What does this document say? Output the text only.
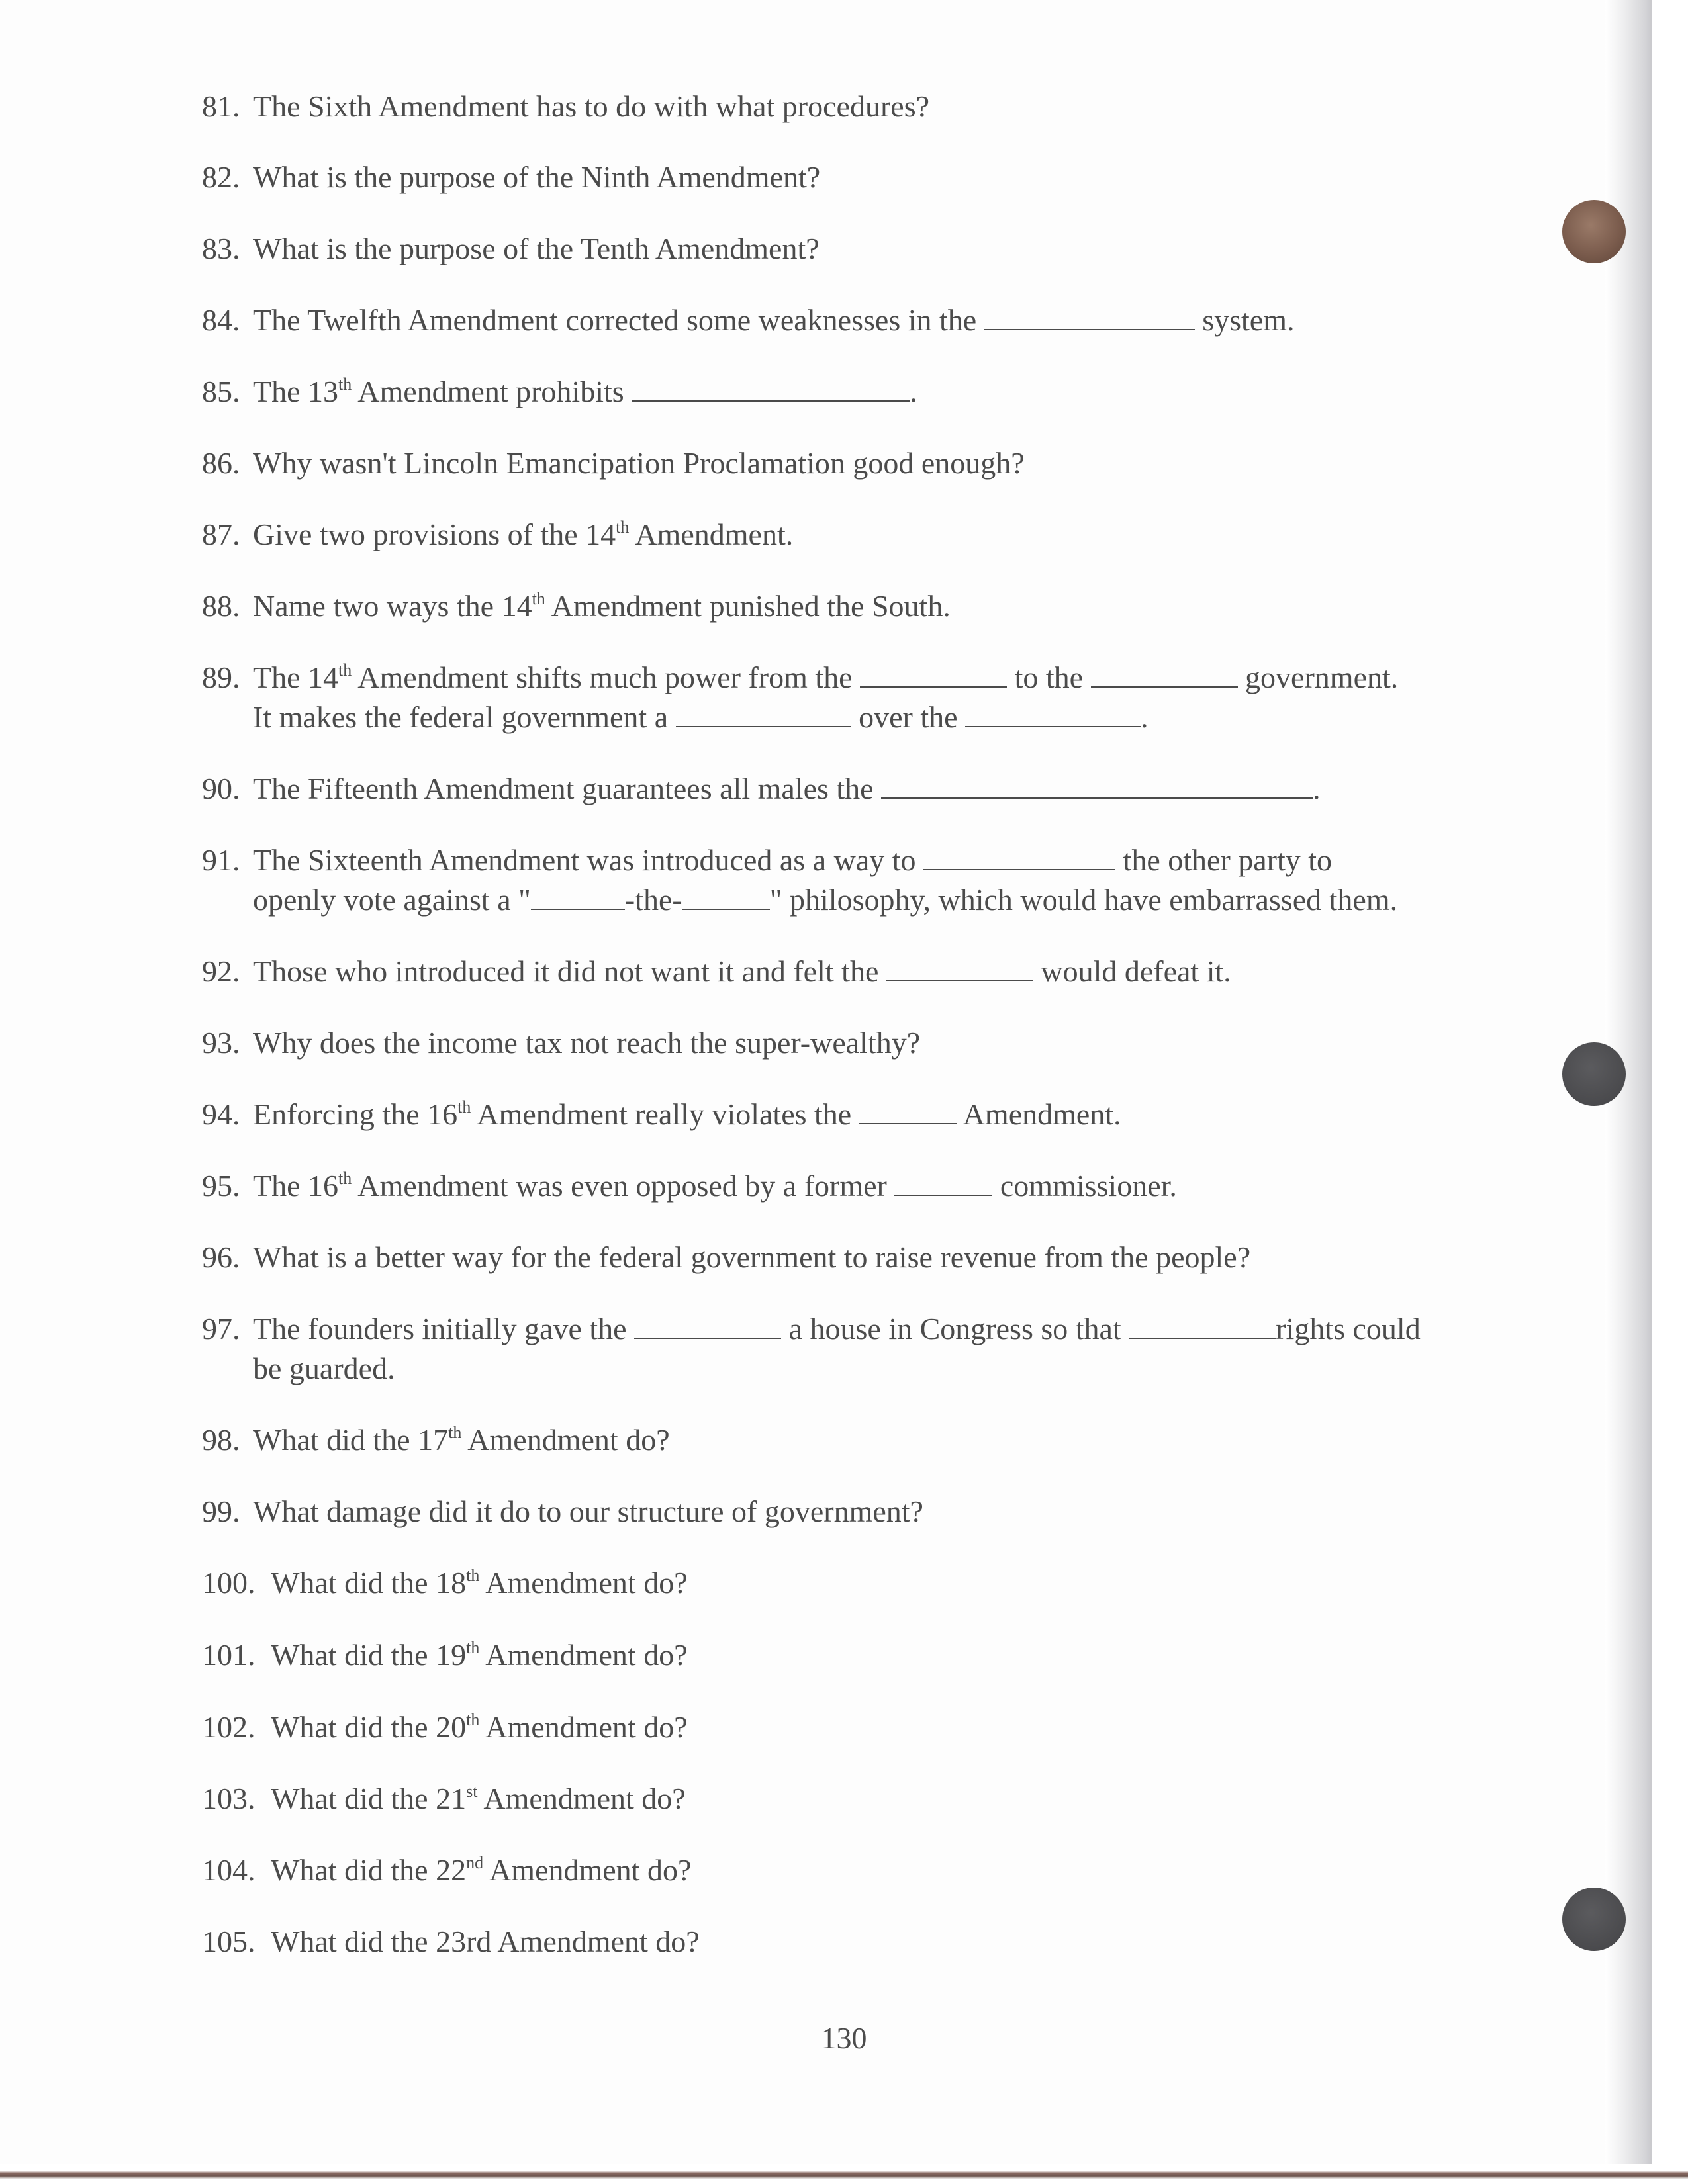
81. The Sixth Amendment has to do with what procedures?
82. What is the purpose of the Ninth Amendment?
83. What is the purpose of the Tenth Amendment?
84. The Twelfth Amendment corrected some weaknesses in the	system.
85. The 13th Amendment prohibits	.
86. Why wasn't Lincoln Emancipation Proclamation good enough?
87. Give two provisions of the 14th Amendment.
88. Name two ways the 14th Amendment punished the South.
89. The 14th Amendment shifts much power from the	to the	government.
It makes the federal government a	over the	.
90. The Fifteenth Amendment guarantees all males the	.
91. The Sixteenth Amendment was introduced as a way to	the other party to
openly vote against a "	-the-	" philosophy, which would have embarrassed them.
92. Those who introduced it did not want it and felt the	would defeat it.
93. Why does the income tax not reach the super-wealthy?
94. Enforcing the 16th Amendment really violates the	Amendment.
95. The 16th Amendment was even opposed by a former	commissioner.
96. What is a better way for the federal government to raise revenue from the people?
97. The founders initially gave the	a house in Congress so that	rights could
be guarded.
98. What did the 17th Amendment do?
99. What damage did it do to our structure of government?
100. What did the 18th Amendment do?
101. What did the 19th Amendment do?
102. What did the 20th Amendment do?
103. What did the 21st Amendment do?
104. What did the 22nd Amendment do?
105. What did the 23rd Amendment do?
130
